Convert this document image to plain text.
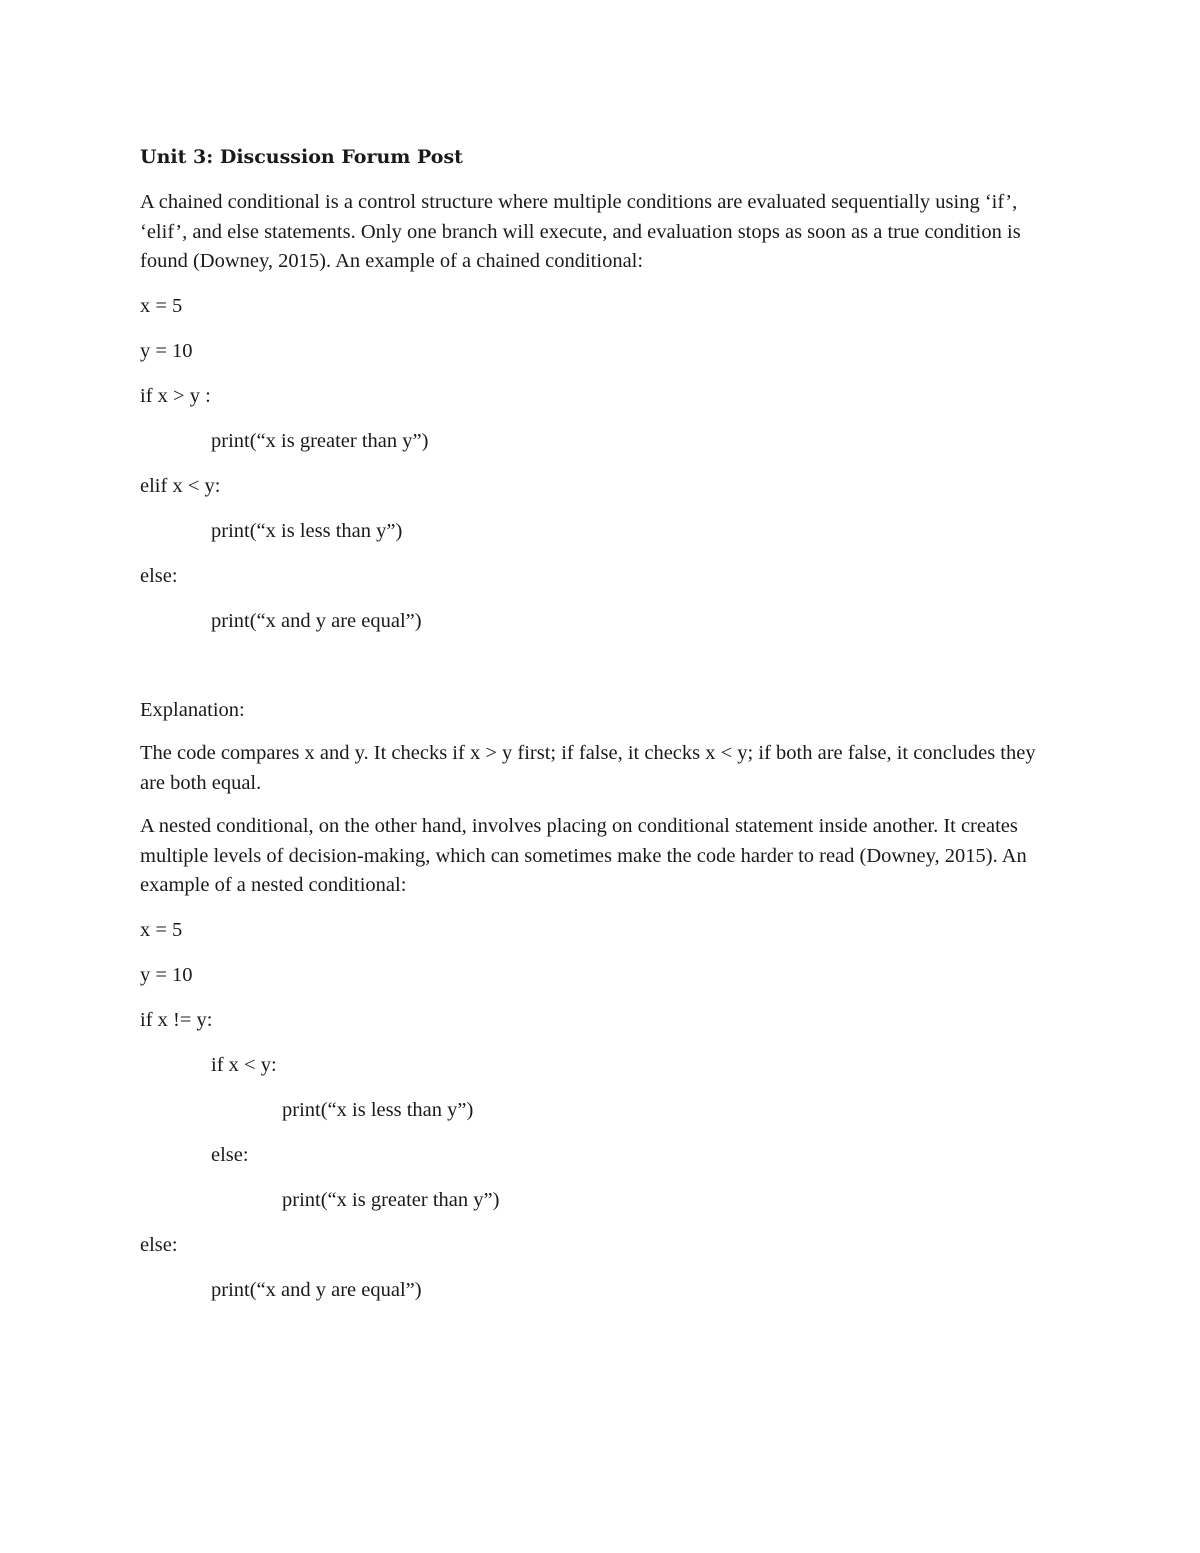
Unit 3: Discussion Forum Post
A chained conditional is a control structure where multiple conditions are evaluated sequentially using ‘if’, ‘elif’, and else statements. Only one branch will execute, and evaluation stops as soon as a true condition is found (Downey, 2015). An example of a chained conditional:
x = 5
y = 10
if x > y :
print(“x is greater than y”)
elif x < y:
print(“x is less than y”)
else:
print(“x and y are equal”)
Explanation:
The code compares x and y. It checks if x > y first; if false, it checks x < y; if both are false, it concludes they are both equal.
A nested conditional, on the other hand, involves placing on conditional statement inside another. It creates multiple levels of decision-making, which can sometimes make the code harder to read (Downey, 2015). An example of a nested conditional:
x = 5
y = 10
if x != y:
if x < y:
print(“x is less than y”)
else:
print(“x is greater than y”)
else:
print(“x and y are equal”)
